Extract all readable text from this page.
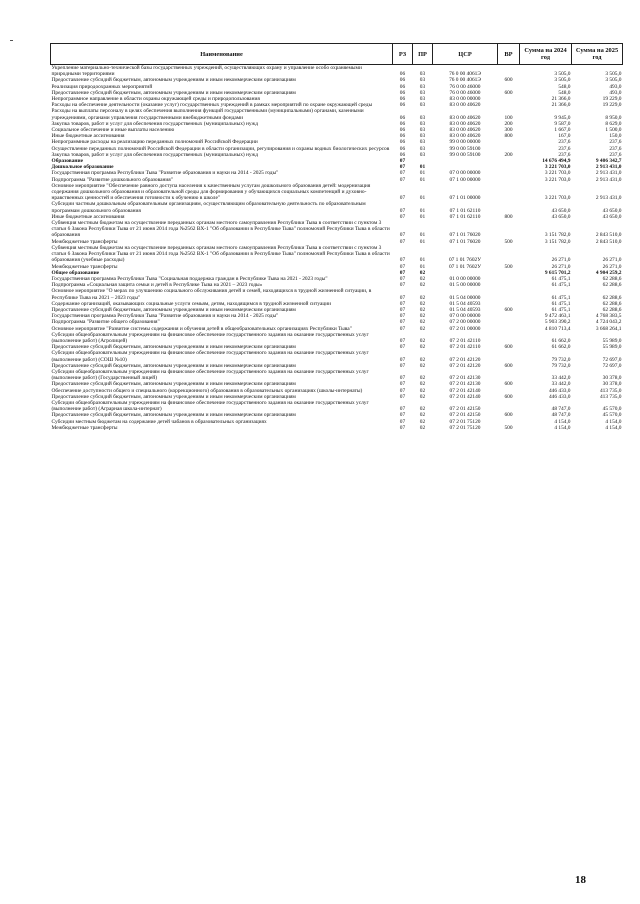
Наименование	РЗ	ПР	ЦСР	ВР	Сумма на 2024 год	Сумма на 2025 год
Укрепление материально-технической базы государственных учреждений, осуществляющих охрану и управление особо охраняемыми природными территориями	06	03	76 0 00 4061Э		3 505,0	3 505,0
Предоставление субсидий бюджетным, автономным учреждениям и иным некоммерческим организациям	06	03	76 0 00 4061Э	600	3 505,0	3 505,0
Реализация природоохранных мероприятий	06	03	76 0 00 46000		548,0	493,0
Предоставление субсидий бюджетным, автономным учреждениям и иным некоммерческим организациям	06	03	76 0 00 46000	600	548,0	493,0
Непрограммное направление в области охраны окружающей среды и природопользования	06	03	83 0 00 00000		21 366,0	19 229,0
Расходы на обеспечение деятельности (оказание услуг) государственных учреждений в рамках мероприятий по охране окружающей среды	06	03	83 0 00 40620		21 366,0	19 229,0
Расходы на выплаты персоналу в целях обеспечения выполнения функций государственными (муниципальными) органами, казенными учреждениями, органами управления государственными внебюджетными фондами	06	03	83 0 00 40620	100	9 945,0	8 950,0
Закупка товаров, работ и услуг для обеспечения государственных (муниципальных) нужд	06	03	83 0 00 40620	200	9 587,0	8 629,0
Социальное обеспечение и иные выплаты населению	06	03	83 0 00 40620	300	1 667,0	1 500,0
Иные бюджетные ассигнования	06	03	83 0 00 40620	800	167,0	150,0
Непрограммные расходы на реализацию переданных полномочий Российской Федерации	06	03	99 0 00 00000		237,6	237,6
Осуществление переданных полномочий Российской Федерации в области организации, регулирования и охраны водных биологических ресурсов	06	03	99 0 00 59100		237,6	237,6
Закупка товаров, работ и услуг для обеспечения государственных (муниципальных) нужд	06	03	99 0 00 59100	200	237,6	237,6
Образование	07				14 676 494,9	9 406 342,7
Дошкольное образование	07	01			3 221 703,0	2 913 431,0
Государственная программа Республики Тыва "Развитие образования и науки на 2014 - 2025 годы"	07	01	07 0 00 00000		3 221 703,0	2 913 431,0
Подпрограмма "Развитие дошкольного образования"	07	01	07 1 00 00000		3 221 703,0	2 913 431,0
Основное мероприятие "Обеспечение равного доступа населения к качественным услугам дошкольного образования детей: модернизация содержания дошкольного образования и образовательной среды для формирования у обучающихся социальных компетенций и духовно-нравственных ценностей и обеспечения готовности к обучению в школе"	07	01	07 1 01 00000		3 221 703,0	2 913 431,0
Субсидии частным дошкольным образовательным организациям, осуществляющим образовательную деятельность по образовательным программам дошкольного образования	07	01	07 1 01 62110		43 650,0	43 650,0
Иные бюджетные ассигнования	07	01	07 1 01 62110	800	43 650,0	43 650,0
Субвенция местным бюджетам на осуществление переданных органам местного самоуправления Республики Тыва в соответствии с пунктом 3 статьи 6 Закона Республики Тыва от 21 июня 2014 года №2562 ВХ-1 "Об образовании в Республике Тыва" полномочий Республики Тыва в области образования	07	01	07 1 01 76020		3 151 782,0	2 843 510,0
Межбюджетные трансферты	07	01	07 1 01 76020	500	3 151 782,0	2 843 510,0
Субвенция местным бюджетам на осуществление переданных органам местного самоуправления Республики Тыва в соответствии с пунктом 3 статьи 6 Закона Республики Тыва от 21 июня 2014 года №2562 ВХ-1 "Об образовании в Республике Тыва" полномочий Республики Тыва в области образования (учебные расходы)	07	01	07 1 01 7602У		26 271,0	26 271,0
Межбюджетные трансферты	07	01	07 1 01 7602У	500	26 271,0	26 271,0
Общее образование	07	02			9 615 701,2	4 904 259,2
Государственная программа Республики Тыва "Социальная поддержка граждан в Республике Тыва на 2021 - 2023 годы"	07	02	01 0 00 00000		61 475,1	62 288,6
Подпрограмма «Социальная защита семьи и детей в Республике Тыва на 2021 – 2023 годы»	07	02	01 5 00 00000		61 475,1	62 288,6
Основное мероприятие "О мерах по улучшению социального обслуживания детей и семей, находящихся в трудной жизненной ситуации, в Республике Тыва на 2021 – 2023 годы"	07	02	01 5 04 00000		61 475,1	62 288,6
Содержание организаций, оказывающих социальные услуги семьям, детям, находящимся в трудной жизненной ситуации	07	02	01 5 04 40593		61 475,1	62 288,6
Предоставление субсидий бюджетным, автономным учреждениям и иным некоммерческим организациям	07	02	01 5 04 40593	600	61 475,1	62 288,6
Государственная программа Республики Тыва "Развитие образования и науки на 2014 - 2025 годы"	07	02	07 0 00 00000		9 472 463,1	4 768 383,5
Подпрограмма "Развитие общего образования"	07	02	07 2 00 00000		5 903 390,2	4 724 043,2
Основное мероприятие "Развитие системы содержания и обучения детей в общеобразовательных организациях Республики Тыва"	07	02	07 2 01 00000		4 810 713,4	3 668 264,1
Субсидии общеобразовательным учреждениям на финансовое обеспечение государственного задания на оказание государственных услуг (выполнение работ) (Агролицей)	07	02	07 2 01 42110		61 662,0	55 989,0
Предоставление субсидий бюджетным, автономным учреждениям и иным некоммерческим организациям	07	02	07 2 01 42110	600	61 662,0	55 989,0
Субсидии общеобразовательным учреждениям на финансовое обеспечение государственного задания на оказание государственных услуг (выполнение работ) (СОШ №10)	07	02	07 2 01 42120		79 732,0	72 697,0
Предоставление субсидий бюджетным, автономным учреждениям и иным некоммерческим организациям	07	02	07 2 01 42120	600	79 732,0	72 697,0
Субсидии общеобразовательным учреждениям на финансовое обеспечение государственного задания на оказание государственных услуг (выполнение работ) (Государственный лицей)	07	02	07 2 01 42130		33 442,0	30 378,0
Предоставление субсидий бюджетным, автономным учреждениям и иным некоммерческим организациям	07	02	07 2 01 42130	600	33 442,0	30 378,0
Обеспечение доступности общего и специального (коррекционного) образования в образовательных организациях (школы-интернаты)	07	02	07 2 01 42140		446 433,0	413 735,0
Предоставление субсидий бюджетным, автономным учреждениям и иным некоммерческим организациям	07	02	07 2 01 42140	600	446 433,0	413 735,0
Субсидии общеобразовательным учреждениям на финансовое обеспечение государственного задания на оказание государственных услуг (выполнение работ) (Аграрная школа-интернат)	07	02	07 2 01 42150		48 747,0	45 570,0
Предоставление субсидий бюджетным, автономным учреждениям и иным некоммерческим организациям	07	02	07 2 01 42150	600	48 747,0	45 570,0
Субсидии местным бюджетам на содержание детей чабанов в образовательных организациях	07	02	07 2 01 75120		4 154,0	4 154,0
Межбюджетные трансферты	07	02	07 2 01 75120	500	4 154,0	4 154,0
18
